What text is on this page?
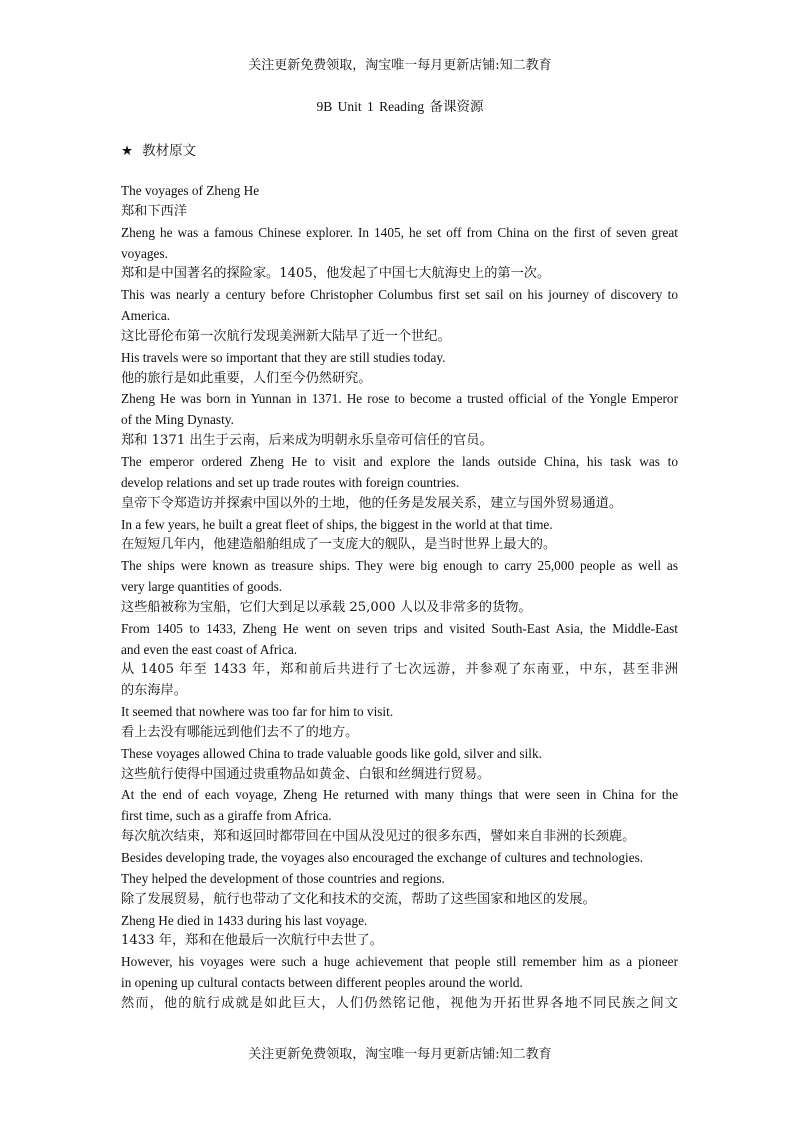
关注更新免费领取，淘宝唯一每月更新店铺:知二教育
9B Unit 1 Reading 备课资源
★ 教材原文
The voyages of Zheng He
郑和下西洋
Zheng he was a famous Chinese explorer. In 1405, he set off from China on the first of seven great
voyages.
郑和是中国著名的探险家。1405，他发起了中国七大航海史上的第一次。
This was nearly a century before Christopher Columbus first set sail on his journey of discovery to
America.
这比哥伦布第一次航行发现美洲新大陆早了近一个世纪。
His travels were so important that they are still studies today.
他的旅行是如此重要，人们至今仍然研究。
Zheng He was born in Yunnan in 1371. He rose to become a trusted official of the Yongle Emperor
of the Ming Dynasty.
郑和 1371 出生于云南，后来成为明朝永乐皇帝可信任的官员。
The emperor ordered Zheng He to visit and explore the lands outside China, his task was to
develop relations and set up trade routes with foreign countries.
皇帝下令郑造访并探索中国以外的土地，他的任务是发展关系，建立与国外贸易通道。
In a few years, he built a great fleet of ships, the biggest in the world at that time.
在短短几年内，他建造船舶组成了一支庞大的舰队，是当时世界上最大的。
The ships were known as treasure ships. They were big enough to carry 25,000 people as well as
very large quantities of goods.
这些船被称为宝船，它们大到足以承载 25,000 人以及非常多的货物。
From 1405 to 1433, Zheng He went on seven trips and visited South-East Asia, the Middle-East
and even the east coast of Africa.
从 1405 年至 1433 年，郑和前后共进行了七次远游，并参观了东南亚，中东，甚至非洲
的东海岸。
It seemed that nowhere was too far for him to visit.
看上去没有哪能远到他们去不了的地方。
These voyages allowed China to trade valuable goods like gold, silver and silk.
这些航行使得中国通过贵重物品如黄金、白银和丝绸进行贸易。
At the end of each voyage, Zheng He returned with many things that were seen in China for the
first time, such as a giraffe from Africa.
每次航次结束，郑和返回时都带回在中国从没见过的很多东西，譬如来自非洲的长颈鹿。
Besides developing trade, the voyages also encouraged the exchange of cultures and technologies.
They helped the development of those countries and regions.
除了发展贸易，航行也带动了文化和技术的交流，帮助了这些国家和地区的发展。
Zheng He died in 1433 during his last voyage.
1433 年，郑和在他最后一次航行中去世了。
However, his voyages were such a huge achievement that people still remember him as a pioneer
in opening up cultural contacts between different peoples around the world.
然而，他的航行成就是如此巨大，人们仍然铭记他，视他为开拓世界各地不同民族之间文
关注更新免费领取，淘宝唯一每月更新店铺:知二教育
